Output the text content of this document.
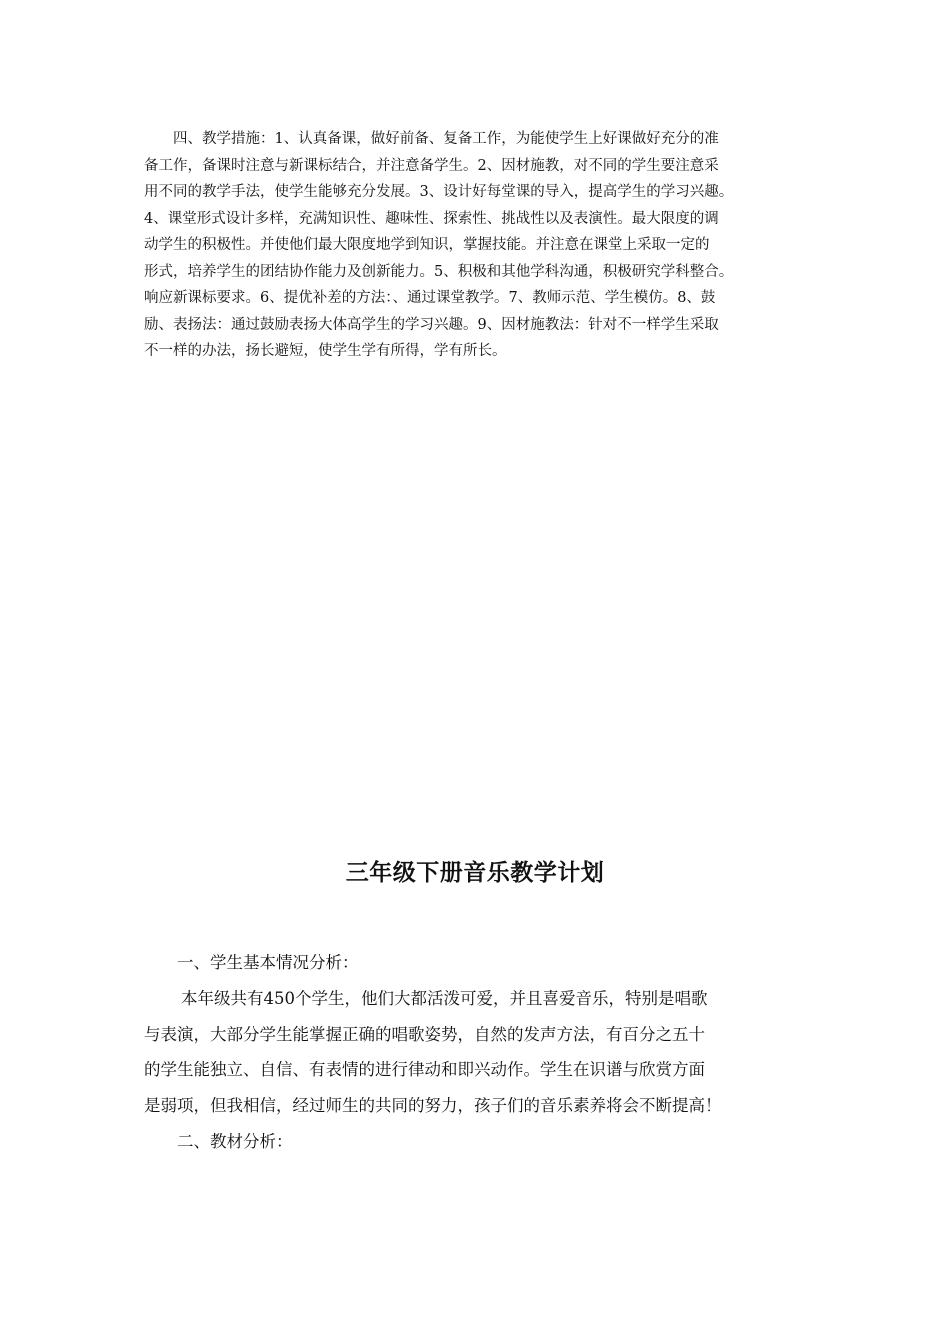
四、教学措施：1、认真备课，做好前备、复备工作，为能使学生上好课做好充分的准
备工作，备课时注意与新课标结合，并注意备学生。2、因材施教，对不同的学生要注意采
用不同的教学手法，使学生能够充分发展。3、设计好每堂课的导入，提高学生的学习兴趣。
4、课堂形式设计多样，充满知识性、趣味性、探索性、挑战性以及表演性。最大限度的调
动学生的积极性。并使他们最大限度地学到知识，掌握技能。并注意在课堂上采取一定的
形式，培养学生的团结协作能力及创新能力。5、积极和其他学科沟通，积极研究学科整合。
响应新课标要求。6、提优补差的方法：、通过课堂教学。7、教师示范、学生模仿。8、鼓
励、表扬法：通过鼓励表扬大体高学生的学习兴趣。9、因材施教法：针对不一样学生采取
不一样的办法，扬长避短，使学生学有所得，学有所长。
三年级下册音乐教学计划
一、学生基本情况分析：
本年级共有450个学生，他们大都活泼可爱，并且喜爱音乐，特别是唱歌
与表演，大部分学生能掌握正确的唱歌姿势，自然的发声方法，有百分之五十
的学生能独立、自信、有表情的进行律动和即兴动作。学生在识谱与欣赏方面
是弱项，但我相信，经过师生的共同的努力，孩子们的音乐素养将会不断提高！
二、教材分析：
